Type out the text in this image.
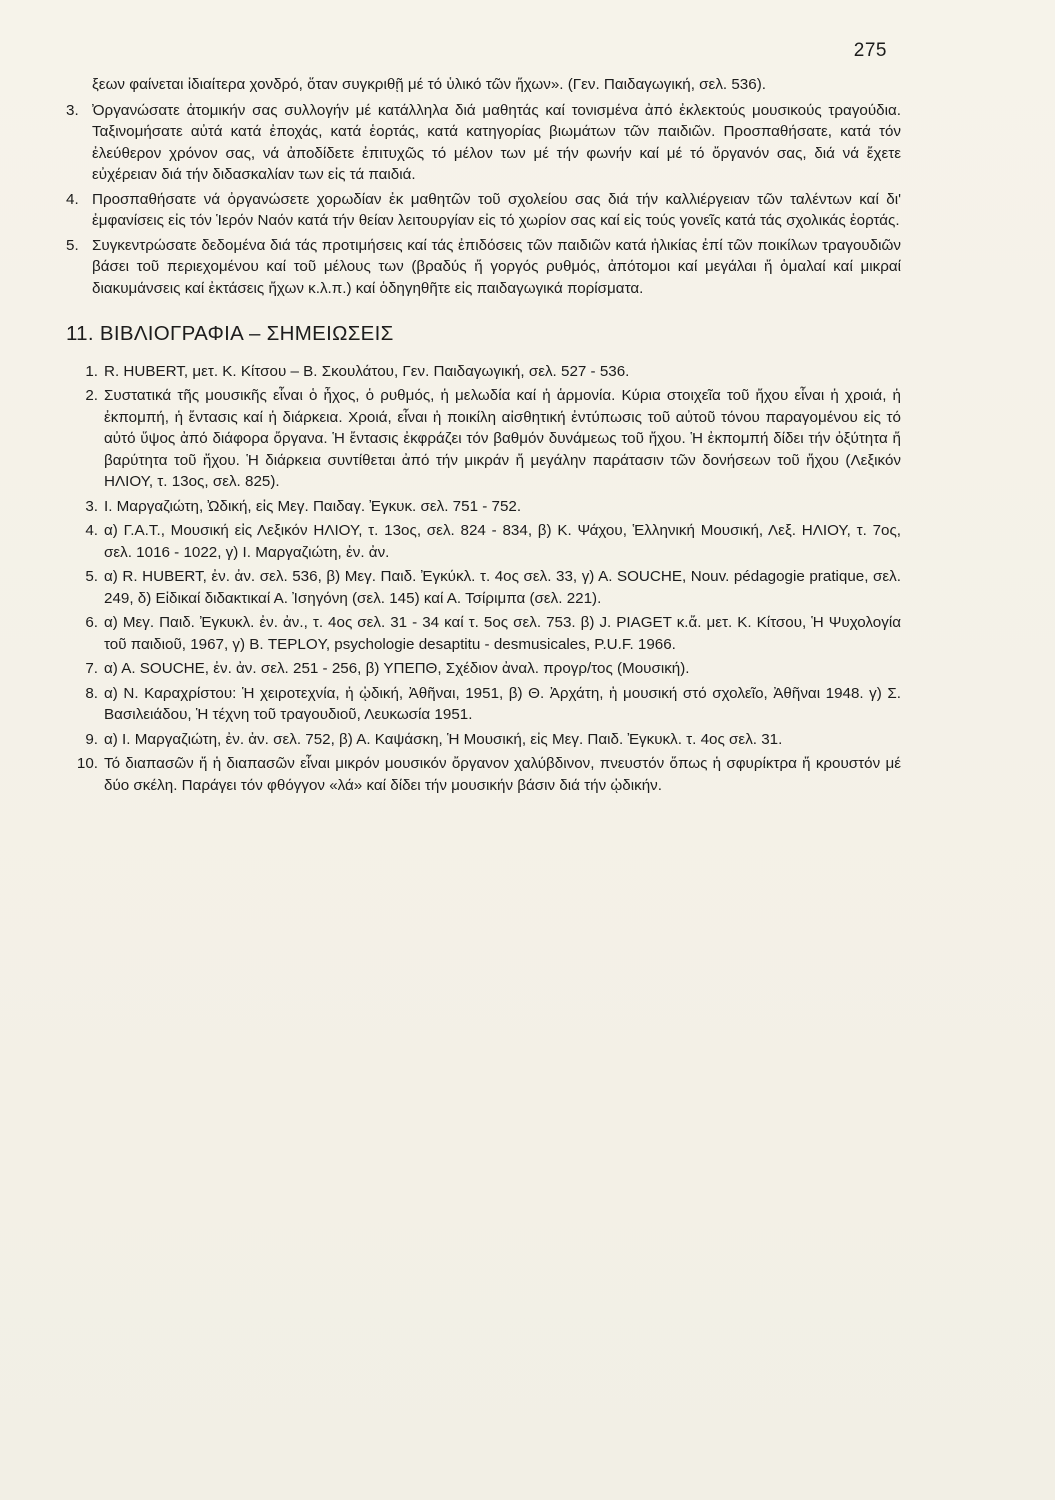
275
ξεων φαίνεται ἰδιαίτερα χονδρό, ὅταν συγκριθῇ μέ τό ὑλικό τῶν ἤχων». (Γεν. Παιδαγωγική, σελ. 536).
3. Ὀργανώσατε ἀτομικήν σας συλλογήν μέ κατάλληλα διά μαθητάς καί τονισμένα ἀπό ἐκλεκτούς μουσικούς τραγούδια. Ταξινομήσατε αὐτά κατά ἐποχάς, κατά ἑορτάς, κατά κατηγορίας βιωμάτων τῶν παιδιῶν. Προσπαθήσατε, κατά τόν ἐλεύθερον χρόνον σας, νά ἀποδίδετε ἐπιτυχῶς τό μέλον των μέ τήν φωνήν καί μέ τό ὄργανόν σας, διά νά ἔχετε εὐχέρειαν διά τήν διδασκαλίαν των εἰς τά παιδιά.
4. Προσπαθήσατε νά ὀργανώσετε χορωδίαν ἐκ μαθητῶν τοῦ σχολείου σας διά τήν καλλιέργειαν τῶν ταλέντων καί δι' ἐμφανίσεις εἰς τόν Ἱερόν Ναόν κατά τήν θείαν λειτουργίαν εἰς τό χωρίον σας καί εἰς τούς γονεῖς κατά τάς σχολικάς ἑορτάς.
5. Συγκεντρώσατε δεδομένα διά τάς προτιμήσεις καί τάς ἐπιδόσεις τῶν παιδιῶν κατά ἡλικίας ἐπί τῶν ποικίλων τραγουδιῶν βάσει τοῦ περιεχομένου καί τοῦ μέλους των (βραδύς ἤ γοργός ρυθμός, ἀπότομοι καί μεγάλαι ἤ ὁμαλαί καί μικραί διακυμάνσεις καί ἐκτάσεις ἤχων κ.λ.π.) καί ὁδηγηθῆτε εἰς παιδαγωγικά πορίσματα.
11. ΒΙΒΛΙΟΓΡΑΦΙΑ – ΣΗΜΕΙΩΣΕΙΣ
1. R. HUBERT, μετ. Κ. Κίτσου – Β. Σκουλάτου, Γεν. Παιδαγωγική, σελ. 527 - 536.
2. Συστατικά τῆς μουσικῆς εἶναι ὁ ἦχος, ὁ ρυθμός, ἡ μελωδία καί ἡ ἁρμονία. Κύρια στοιχεῖα τοῦ ἤχου εἶναι ἡ χροιά, ἡ ἐκπομπή, ἡ ἔντασις καί ἡ διάρκεια. Χροιά, εἶναι ἡ ποικίλη αἰσθητική ἐντύπωσις τοῦ αὐτοῦ τόνου παραγομένου εἰς τό αὐτό ὕψος ἀπό διάφορα ὄργανα. Ἡ ἔντασις ἐκφράζει τόν βαθμόν δυνάμεως τοῦ ἤχου. Ἡ ἐκπομπή δίδει τήν ὀξύτητα ἤ βαρύτητα τοῦ ἤχου. Ἡ διάρκεια συντίθεται ἀπό τήν μικράν ἤ μεγάλην παράτασιν τῶν δονήσεων τοῦ ἤχου (Λεξικόν ΗΛΙΟΥ, τ. 13ος, σελ. 825).
3. Ι. Μαργαζιώτη, Ὠδική, εἰς Μεγ. Παιδαγ. Ἐγκυκ. σελ. 751 - 752.
4. α) Γ.Α.Τ., Μουσική εἰς Λεξικόν ΗΛΙΟΥ, τ. 13ος, σελ. 824 - 834, β) Κ. Ψάχου, Ἑλληνική Μουσική, Λεξ. ΗΛΙΟΥ, τ. 7ος, σελ. 1016 - 1022, γ) Ι. Μαργαζιώτη, ἐν. ἀν.
5. α) R. HUBERT, ἐν. ἀν. σελ. 536, β) Μεγ. Παιδ. Ἐγκύκλ. τ. 4ος σελ. 33, γ) Α. SOUCHE, Nouv. pédagogie pratique, σελ. 249, δ) Εἰδικαί διδακτικαί Α. Ἰσηγόνη (σελ. 145) καί Α. Τσίριμπα (σελ. 221).
6. α) Μεγ. Παιδ. Ἐγκυκλ. ἐν. ἀν., τ. 4ος σελ. 31 - 34 καί τ. 5ος σελ. 753. β) J. PIAGET κ.ἄ. μετ. Κ. Κίτσου, Ἡ Ψυχολογία τοῦ παιδιοῦ, 1967, γ) Β. TEPLOY, psychologie desaptitu - desmusicales, P.U.F. 1966.
7. α) Α. SOUCHE, ἐν. ἀν. σελ. 251 - 256, β) ΥΠΕΠΘ, Σχέδιον ἀναλ. προγρ/τος (Μουσική).
8. α) Ν. Καραχρίστου: Ἡ χειροτεχνία, ἡ ᾠδική, Ἀθῆναι, 1951, β) Θ. Ἀρχάτη, ἡ μουσική στό σχολεῖο, Ἀθῆναι 1948. γ) Σ. Βασιλειάδου, Ἡ τέχνη τοῦ τραγουδιοῦ, Λευκωσία 1951.
9. α) Ι. Μαργαζιώτη, ἐν. ἀν. σελ. 752, β) Α. Καψάσκη, Ἡ Μουσική, εἰς Μεγ. Παιδ. Ἐγκυκλ. τ. 4ος σελ. 31.
10. Τό διαπασῶν ἤ ἡ διαπασῶν εἶναι μικρόν μουσικόν ὄργανον χαλύβδινον, πνευστόν ὅπως ἡ σφυρίκτρα ἤ κρουστόν μέ δύο σκέλη. Παράγει τόν φθόγγον «λά» καί δίδει τήν μουσικήν βάσιν διά τήν ᾠδικήν.
